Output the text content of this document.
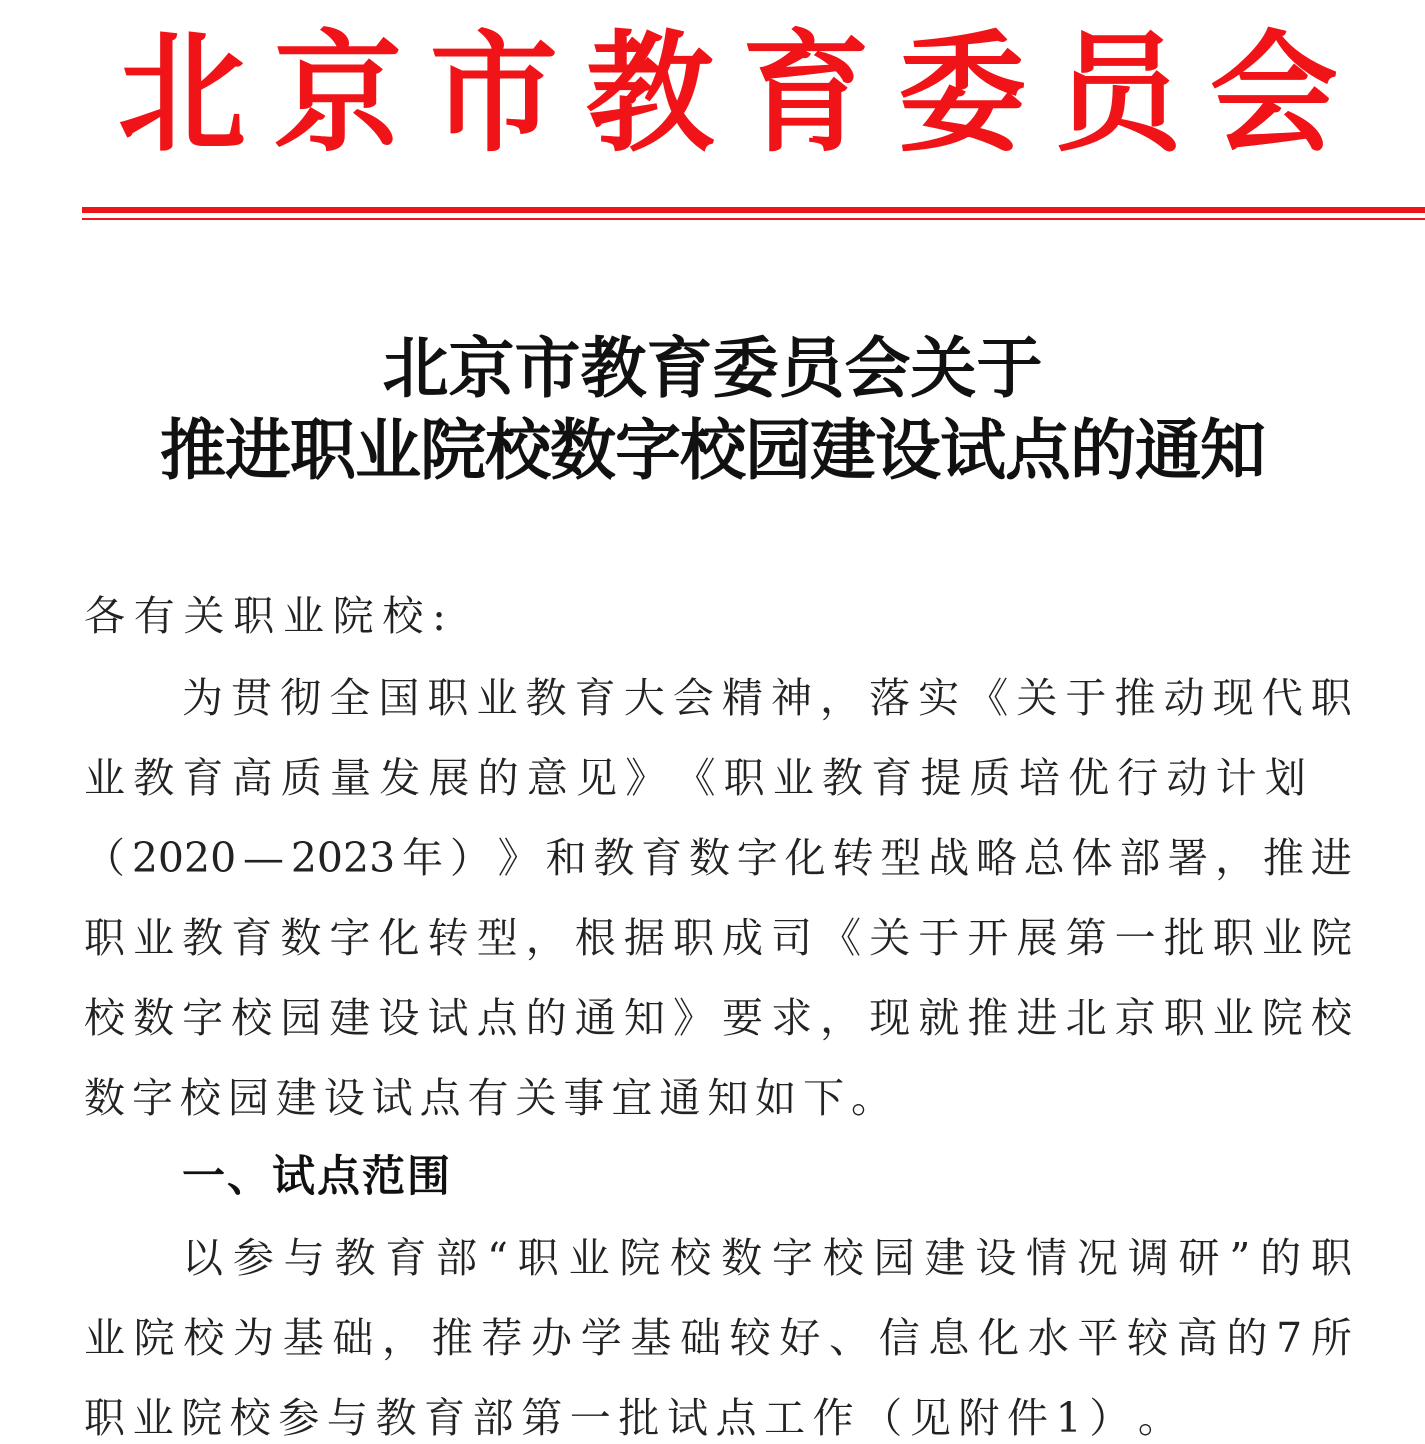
北 京 市 教 育 委 员 会
北京市教育委员会关于
推进职业院校数字校园建设试点的通知
各 有 关 职 业 院 校 :
为 贯 彻 全 国 职 业 教 育 大 会 精 神 ， 落 实 《 关 于 推 动 现 代 职
业 教 育 高 质 量 发 展 的 意 见 》 《 职 业 教 育 提 质 培 优 行 动 计 划
（ 2020 — 2023 年 ） 》 和 教 育 数 字 化 转 型 战 略 总 体 部 署 ， 推 进
职 业 教 育 数 字 化 转 型 ， 根 据 职 成 司 《 关 于 开 展 第 一 批 职 业 院
校 数 字 校 园 建 设 试 点 的 通 知 》 要 求 ， 现 就 推 进 北 京 职 业 院 校
数 字 校 园 建 设 试 点 有 关 事 宜 通 知 如 下 。
一、试点范围
以 参 与 教 育 部 “ 职 业 院 校 数 字 校 园 建 设 情 况 调 研 ” 的 职
业 院 校 为 基 础 ， 推 荐 办 学 基 础 较 好 、 信 息 化 水 平 较 高 的 7 所
职 业 院 校 参 与 教 育 部 第 一 批 试 点 工 作 （ 见 附 件 1 ） 。
